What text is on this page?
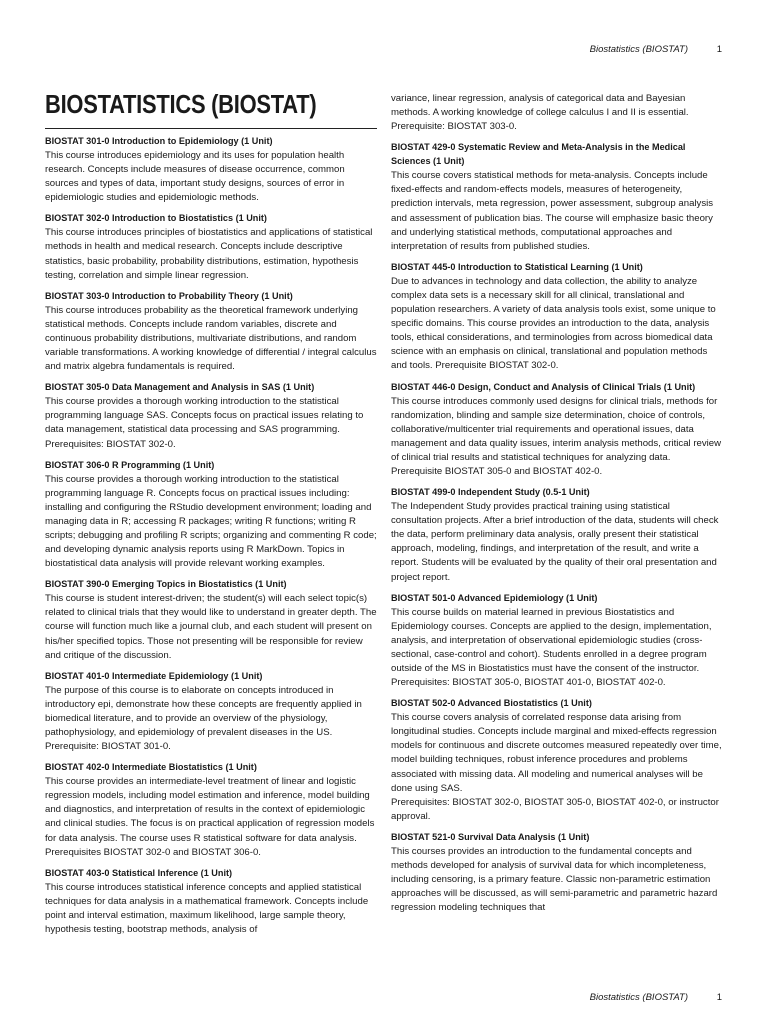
Biostatistics (BIOSTAT)	1
BIOSTATISTICS (BIOSTAT)
BIOSTAT 301-0 Introduction to Epidemiology (1 Unit)
This course introduces epidemiology and its uses for population health research. Concepts include measures of disease occurrence, common sources and types of data, important study designs, sources of error in epidemiologic studies and epidemiologic methods.
BIOSTAT 302-0 Introduction to Biostatistics (1 Unit)
This course introduces principles of biostatistics and applications of statistical methods in health and medical research. Concepts include descriptive statistics, basic probability, probability distributions, estimation, hypothesis testing, correlation and simple linear regression.
BIOSTAT 303-0 Introduction to Probability Theory (1 Unit)
This course introduces probability as the theoretical framework underlying statistical methods. Concepts include random variables, discrete and continuous probability distributions, multivariate distributions, and random variable transformations. A working knowledge of differential / integral calculus and matrix algebra fundamentals is required.
BIOSTAT 305-0 Data Management and Analysis in SAS (1 Unit)
This course provides a thorough working introduction to the statistical programming language SAS. Concepts focus on practical issues relating to data management, statistical data processing and SAS programming.
Prerequisites: BIOSTAT 302-0.
BIOSTAT 306-0 R Programming (1 Unit)
This course provides a thorough working introduction to the statistical programming language R. Concepts focus on practical issues including: installing and configuring the RStudio development environment; loading and managing data in R; accessing R packages; writing R functions; writing R scripts; debugging and profiling R scripts; organizing and commenting R code; and developing dynamic analysis reports using R MarkDown. Topics in biostatistical data analysis will provide relevant working examples.
BIOSTAT 390-0 Emerging Topics in Biostatistics (1 Unit)
This course is student interest-driven; the student(s) will each select topic(s) related to clinical trials that they would like to understand in greater depth. The course will function much like a journal club, and each student will present on his/her specified topics. Those not presenting will be responsible for review and critique of the discussion.
BIOSTAT 401-0 Intermediate Epidemiology (1 Unit)
The purpose of this course is to elaborate on concepts introduced in introductory epi, demonstrate how these concepts are frequently applied in biomedical literature, and to provide an overview of the physiology, pathophysiology, and epidemiology of prevalent diseases in the US.
Prerequisite: BIOSTAT 301-0.
BIOSTAT 402-0 Intermediate Biostatistics (1 Unit)
This course provides an intermediate-level treatment of linear and logistic regression models, including model estimation and inference, model building and diagnostics, and interpretation of results in the context of epidemiologic and clinical studies. The focus is on practical application of regression models for data analysis. The course uses R statistical software for data analysis. Prerequisites BIOSTAT 302-0 and BIOSTAT 306-0.
BIOSTAT 403-0 Statistical Inference (1 Unit)
This course introduces statistical inference concepts and applied statistical techniques for data analysis in a mathematical framework. Concepts include point and interval estimation, maximum likelihood, large sample theory, hypothesis testing, bootstrap methods, analysis of
variance, linear regression, analysis of categorical data and Bayesian methods. A working knowledge of college calculus I and II is essential.
Prerequisite: BIOSTAT 303-0.
BIOSTAT 429-0 Systematic Review and Meta-Analysis in the Medical Sciences (1 Unit)
This course covers statistical methods for meta-analysis. Concepts include fixed-effects and random-effects models, measures of heterogeneity, prediction intervals, meta regression, power assessment, subgroup analysis and assessment of publication bias. The course will emphasize basic theory and underlying statistical methods, computational approaches and interpretation of results from published studies.
BIOSTAT 445-0 Introduction to Statistical Learning (1 Unit)
Due to advances in technology and data collection, the ability to analyze complex data sets is a necessary skill for all clinical, translational and population researchers. A variety of data analysis tools exist, some unique to specific domains. This course provides an introduction to the data, analysis tools, ethical considerations, and terminologies from across biomedical data science with an emphasis on clinical, translational and population methods and tools. Prerequisite BIOSTAT 302-0.
BIOSTAT 446-0 Design, Conduct and Analysis of Clinical Trials (1 Unit)
This course introduces commonly used designs for clinical trials, methods for randomization, blinding and sample size determination, choice of controls, collaborative/multicenter trial requirements and operational issues, data management and data quality issues, interim analysis methods, critical review of clinical trial results and statistical techniques for analyzing data. Prerequisite BIOSTAT 305-0 and BIOSTAT 402-0.
BIOSTAT 499-0 Independent Study (0.5-1 Unit)
The Independent Study provides practical training using statistical consultation projects. After a brief introduction of the data, students will check the data, perform preliminary data analysis, orally present their statistical approach, modeling, findings, and interpretation of the result, and write a report. Students will be evaluated by the quality of their oral presentation and project report.
BIOSTAT 501-0 Advanced Epidemiology (1 Unit)
This course builds on material learned in previous Biostatistics and Epidemiology courses. Concepts are applied to the design, implementation, analysis, and interpretation of observational epidemiologic studies (cross-sectional, case-control and cohort). Students enrolled in a degree program outside of the MS in Biostatistics must have the consent of the instructor.
Prerequisites: BIOSTAT 305-0, BIOSTAT 401-0, BIOSTAT 402-0.
BIOSTAT 502-0 Advanced Biostatistics (1 Unit)
This course covers analysis of correlated response data arising from longitudinal studies. Concepts include marginal and mixed-effects regression models for continuous and discrete outcomes measured repeatedly over time, model building techniques, robust inference procedures and problems associated with missing data. All modeling and numerical analyses will be done using SAS.
Prerequisites: BIOSTAT 302-0, BIOSTAT 305-0, BIOSTAT 402-0, or instructor approval.
BIOSTAT 521-0 Survival Data Analysis (1 Unit)
This courses provides an introduction to the fundamental concepts and methods developed for analysis of survival data for which incompleteness, including censoring, is a primary feature. Classic non-parametric estimation approaches will be discussed, as will semi-parametric and parametric hazard regression modeling techniques that
Biostatistics (BIOSTAT)	1
